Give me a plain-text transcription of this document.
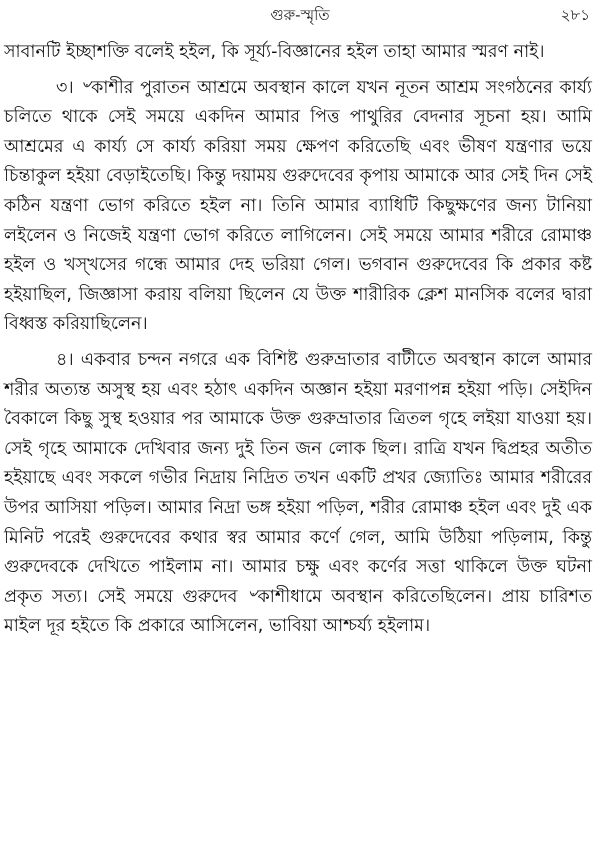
গুরু-স্মৃতি	২৮১

সাবানটি ইচ্ছাশক্তি বলেই হইল, কি সূর্য্য-বিজ্ঞানের হইল তাহা আমার স্মরণ নাই।

৩। ৺কাশীর পুরাতন আশ্রমে অবস্থান কালে যখন নূতন আশ্রম সংগঠনের কার্য্য চলিতে থাকে সেই সময়ে একদিন আমার পিত্ত পাথুরির বেদনার সূচনা হয়। আমি আশ্রমের এ কার্য্য সে কার্য্য করিয়া সময় ক্ষেপণ করিতেছি এবং ভীষণ যন্ত্রণার ভয়ে চিন্তাকুল হইয়া বেড়াইতেছি। কিন্তু দয়াময় গুরুদেবের কৃপায় আমাকে আর সেই দিন সেই কঠিন যন্ত্রণা ভোগ করিতে হইল না। তিনি আমার ব্যাধিটি কিছুক্ষণের জন্য টানিয়া লইলেন ও নিজেই যন্ত্রণা ভোগ করিতে লাগিলেন। সেই সময়ে আমার শরীরে রোমাঞ্চ হইল ও খস্‌খসের গন্ধে আমার দেহ ভরিয়া গেল। ভগবান গুরুদেবের কি প্রকার কষ্ট হইয়াছিল, জিজ্ঞাসা করায় বলিয়া ছিলেন যে উক্ত শারীরিক ক্লেশ মানসিক বলের দ্বারা বিধ্বস্ত করিয়াছিলেন।

৪। একবার চন্দন নগরে এক বিশিষ্ট গুরুভ্রাতার বাটীতে অবস্থান কালে আমার শরীর অত্যন্ত অসুস্থ হয় এবং হঠাৎ একদিন অজ্ঞান হইয়া মরণাপন্ন হইয়া পড়ি। সেইদিন বৈকালে কিছু সুস্থ হওয়ার পর আমাকে উক্ত গুরুভ্রাতার ত্রিতল গৃহে লইয়া যাওয়া হয়। সেই গৃহে আমাকে দেখিবার জন্য দুই তিন জন লোক ছিল। রাত্রি যখন দ্বিপ্রহর অতীত হইয়াছে এবং সকলে গভীর নিদ্রায় নিদ্রিত তখন একটি প্রখর জ্যোতিঃ আমার শরীরের উপর আসিয়া পড়িল। আমার নিদ্রা ভঙ্গ হইয়া পড়িল, শরীর রোমাঞ্চ হইল এবং দুই এক মিনিট পরেই গুরুদেবের কথার স্বর আমার কর্ণে গেল, আমি উঠিয়া পড়িলাম, কিন্তু গুরুদেবকে দেখিতে পাইলাম না। আমার চক্ষু এবং কর্ণের সত্তা থাকিলে উক্ত ঘটনা প্রকৃত সত্য। সেই সময়ে গুরুদেব ৺কাশীধামে অবস্থান করিতেছিলেন। প্রায় চারিশত মাইল দূর হইতে কি প্রকারে আসিলেন, ভাবিয়া আশ্চর্য্য হইলাম।
